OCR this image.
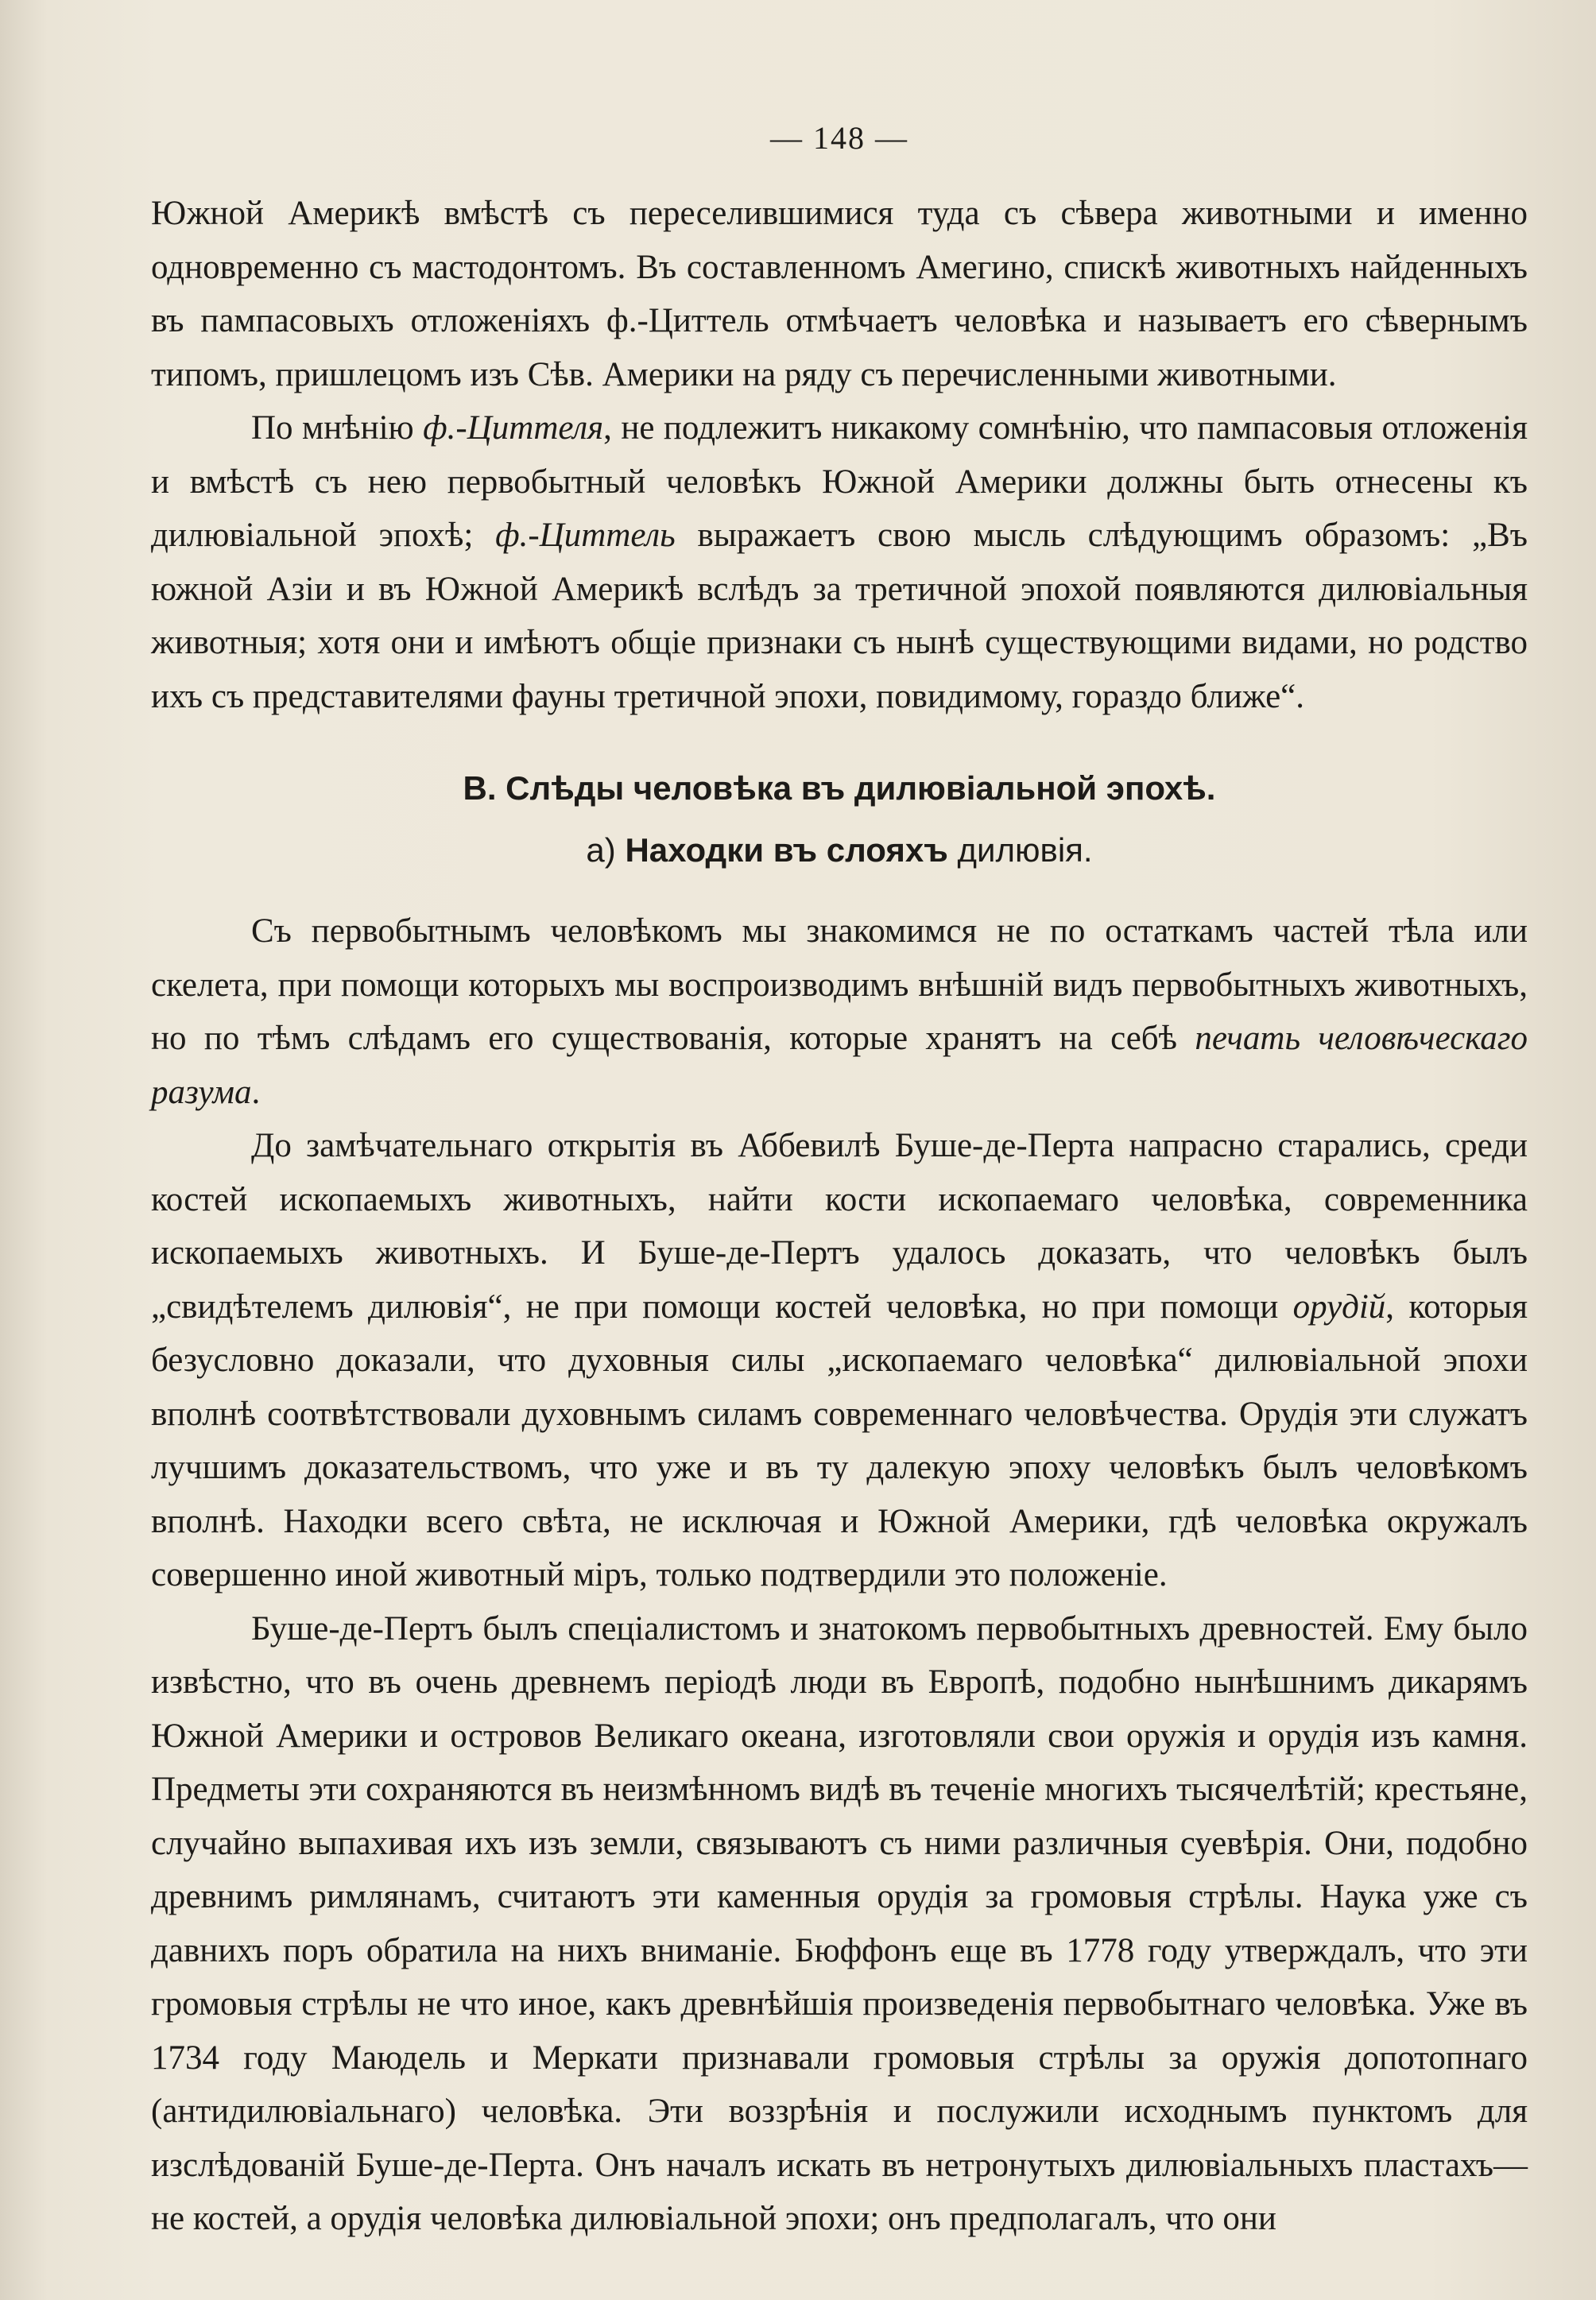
— 148 —

Южной Америкѣ вмѣстѣ съ переселившимися туда съ сѣвера животными и именно одновременно съ мастодонтомъ. Въ составленномъ Амегино, спискѣ животныхъ найденныхъ въ пампасовыхъ отложеніяхъ ф.-Циттель отмѣчаетъ человѣка и называетъ его сѣвернымъ типомъ, пришлецомъ изъ Сѣв. Америки на ряду съ перечисленными животными.

По мнѣнію ф.-Циттеля, не подлежитъ никакому сомнѣнію, что пампасовыя отложенія и вмѣстѣ съ нею первобытный человѣкъ Южной Америки должны быть отнесены къ дилювіальной эпохѣ; ф.-Циттель выражаетъ свою мысль слѣдующимъ образомъ: „Въ южной Азіи и въ Южной Америкѣ вслѣдъ за третичной эпохой появляются дилювіальныя животныя; хотя они и имѣютъ общіе признаки съ нынѣ существующими видами, но родство ихъ съ представителями фауны третичной эпохи, повидимому, гораздо ближе“.

B. Слѣды человѣка въ дилювіальной эпохѣ.
а) Находки въ слояхъ дилювія.

Съ первобытнымъ человѣкомъ мы знакомимся не по остаткамъ частей тѣла или скелета, при помощи которыхъ мы воспроизводимъ внѣшній видъ первобытныхъ животныхъ, но по тѣмъ слѣдамъ его существованія, которые хранятъ на себѣ печать человѣческаго разума.

До замѣчательнаго открытія въ Аббевилѣ Буше-де-Перта напрасно старались, среди костей ископаемыхъ животныхъ, найти кости ископаемаго человѣка, современника ископаемыхъ животныхъ. И Буше-де-Пертъ удалось доказать, что человѣкъ былъ „свидѣтелемъ дилювія“, не при помощи костей человѣка, но при помощи орудій, которыя безусловно доказали, что духовныя силы „ископаемаго человѣка“ дилювіальной эпохи вполнѣ соотвѣтствовали духовнымъ силамъ современнаго человѣчества. Орудія эти служатъ лучшимъ доказательствомъ, что уже и въ ту далекую эпоху человѣкъ былъ человѣкомъ вполнѣ. Находки всего свѣта, не исключая и Южной Америки, гдѣ человѣка окружалъ совершенно иной животный міръ, только подтвердили это положеніе.

Буше-де-Пертъ былъ спеціалистомъ и знатокомъ первобытныхъ древностей. Ему было извѣстно, что въ очень древнемъ періодѣ люди въ Европѣ, подобно нынѣшнимъ дикарямъ Южной Америки и островов Великаго океана, изготовляли свои оружія и орудія изъ камня. Предметы эти сохраняются въ неизмѣнномъ видѣ въ теченіе многихъ тысячелѣтій; крестьяне, случайно выпахивая ихъ изъ земли, связываютъ съ ними различныя суевѣрія. Они, подобно древнимъ римлянамъ, считаютъ эти каменныя орудія за громовыя стрѣлы. Наука уже съ давнихъ поръ обратила на нихъ вниманіе. Бюффонъ еще въ 1778 году утверждалъ, что эти громовыя стрѣлы не что иное, какъ древнѣйшія произведенія первобытнаго человѣка. Уже въ 1734 году Маюдель и Меркати признавали громовыя стрѣлы за оружія допотопнаго (антидилювіальнаго) человѣка. Эти воззрѣнія и послужили исходнымъ пунктомъ для изслѣдованій Буше-де-Перта. Онъ началъ искать въ нетронутыхъ дилювіальныхъ пластахъ— не костей, а орудія человѣка дилювіальной эпохи; онъ предполагалъ, что они
